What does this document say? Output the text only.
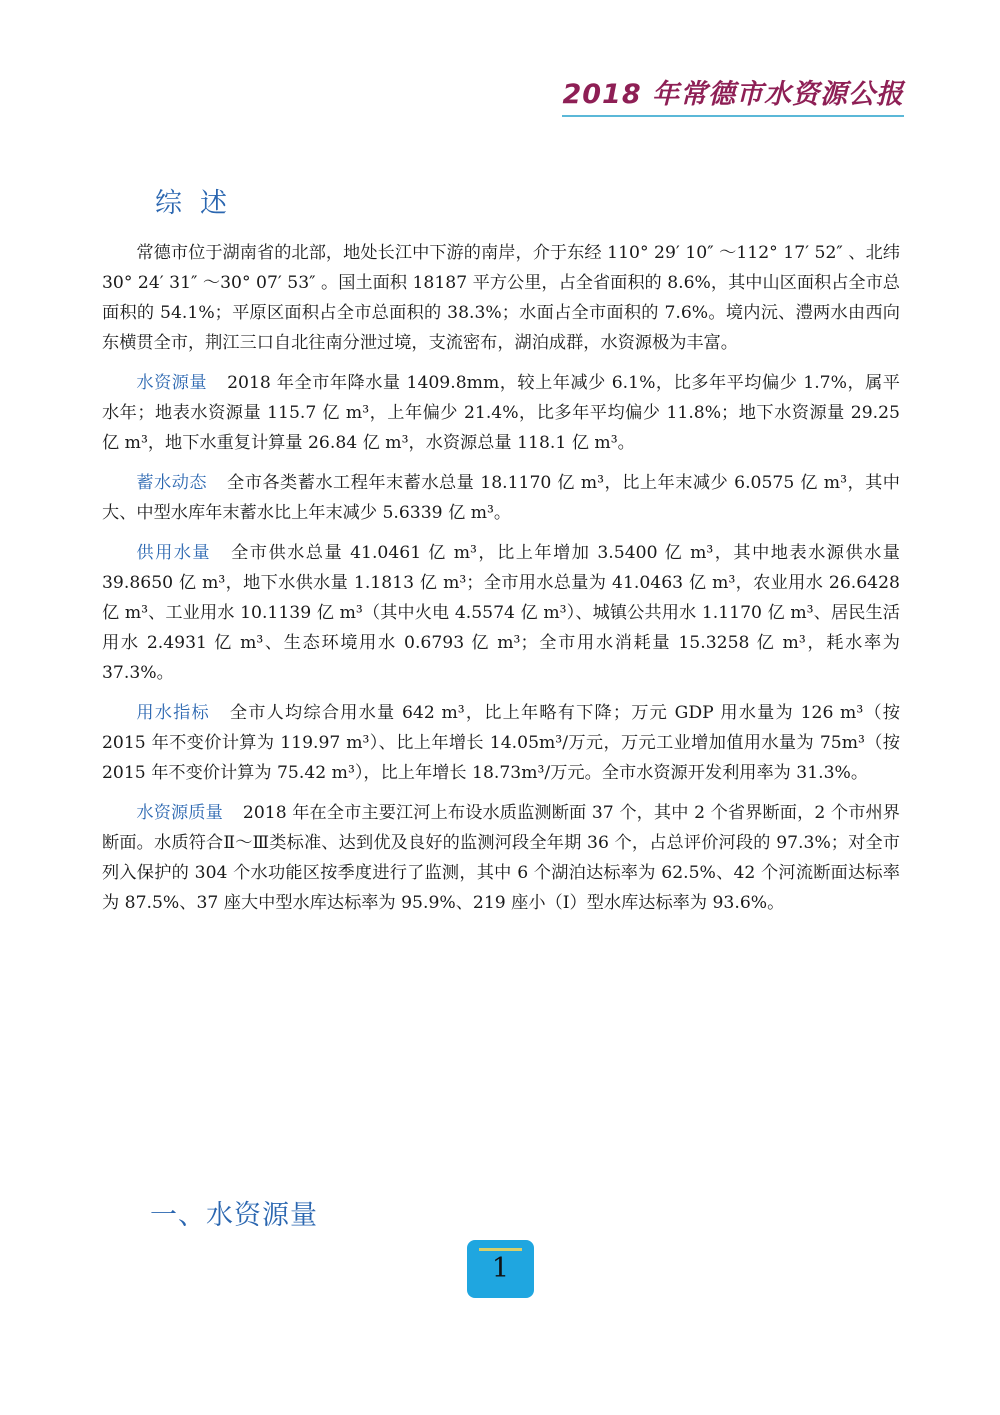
2018 年常德市水资源公报
综述

常德市位于湖南省的北部，地处长江中下游的南岸，介于东经 110° 29′ 10″ ～112° 17′ 52″ 、北纬 30° 24′ 31″ ～30° 07′ 53″ 。国土面积 18187 平方公里，占全省面积的 8.6%，其中山区面积占全市总面积的 54.1%；平原区面积占全市总面积的 38.3%；水面占全市面积的 7.6%。境内沅、澧两水由西向东横贯全市，荆江三口自北往南分泄过境，支流密布，湖泊成群，水资源极为丰富。

水资源量 2018 年全市年降水量 1409.8mm，较上年减少 6.1%，比多年平均偏少 1.7%，属平水年；地表水资源量 115.7 亿 m³，上年偏少 21.4%，比多年平均偏少 11.8%；地下水资源量 29.25 亿 m³，地下水重复计算量 26.84 亿 m³，水资源总量 118.1 亿 m³。

蓄水动态 全市各类蓄水工程年末蓄水总量 18.1170 亿 m³，比上年末减少 6.0575 亿 m³，其中大、中型水库年末蓄水比上年末减少 5.6339 亿 m³。

供用水量 全市供水总量 41.0461 亿 m³，比上年增加 3.5400 亿 m³，其中地表水源供水量 39.8650 亿 m³，地下水供水量 1.1813 亿 m³；全市用水总量为 41.0463 亿 m³，农业用水 26.6428 亿 m³、工业用水 10.1139 亿 m³（其中火电 4.5574 亿 m³）、城镇公共用水 1.1170 亿 m³、居民生活用水 2.4931 亿 m³、生态环境用水 0.6793 亿 m³；全市用水消耗量 15.3258 亿 m³，耗水率为 37.3%。

用水指标 全市人均综合用水量 642 m³，比上年略有下降；万元 GDP 用水量为 126 m³（按 2015 年不变价计算为 119.97 m³）、比上年增长 14.05m³/万元，万元工业增加值用水量为 75m³（按 2015 年不变价计算为 75.42 m³），比上年增长 18.73m³/万元。全市水资源开发利用率为 31.3%。

水资源质量 2018 年在全市主要江河上布设水质监测断面 37 个，其中 2 个省界断面，2 个市州界断面。水质符合Ⅱ～Ⅲ类标准、达到优及良好的监测河段全年期 36 个，占总评价河段的 97.3%；对全市列入保护的 304 个水功能区按季度进行了监测，其中 6 个湖泊达标率为 62.5%、42 个河流断面达标率为 87.5%、37 座大中型水库达标率为 95.9%、219 座小（Ⅰ）型水库达标率为 93.6%。

一、水资源量
1
